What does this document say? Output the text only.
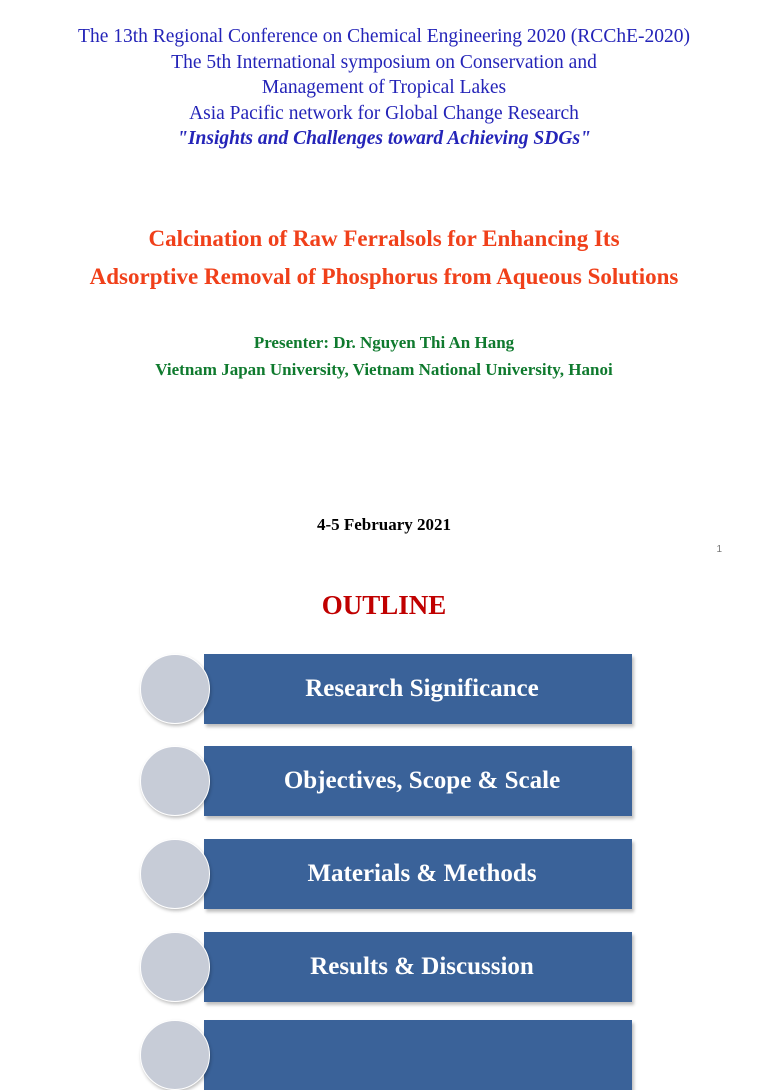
The 13th Regional Conference on Chemical Engineering 2020 (RCChE-2020)
The 5th International symposium on Conservation and
Management of Tropical Lakes
Asia Pacific network for Global Change Research
"Insights and Challenges toward Achieving SDGs"
Calcination of Raw Ferralsols for Enhancing Its
Adsorptive Removal of Phosphorus from Aqueous Solutions
Presenter: Dr. Nguyen Thi An Hang
Vietnam Japan University, Vietnam National University, Hanoi
4-5 February 2021
1
OUTLINE
Research Significance
Objectives, Scope & Scale
Materials & Methods
Results & Discussion
